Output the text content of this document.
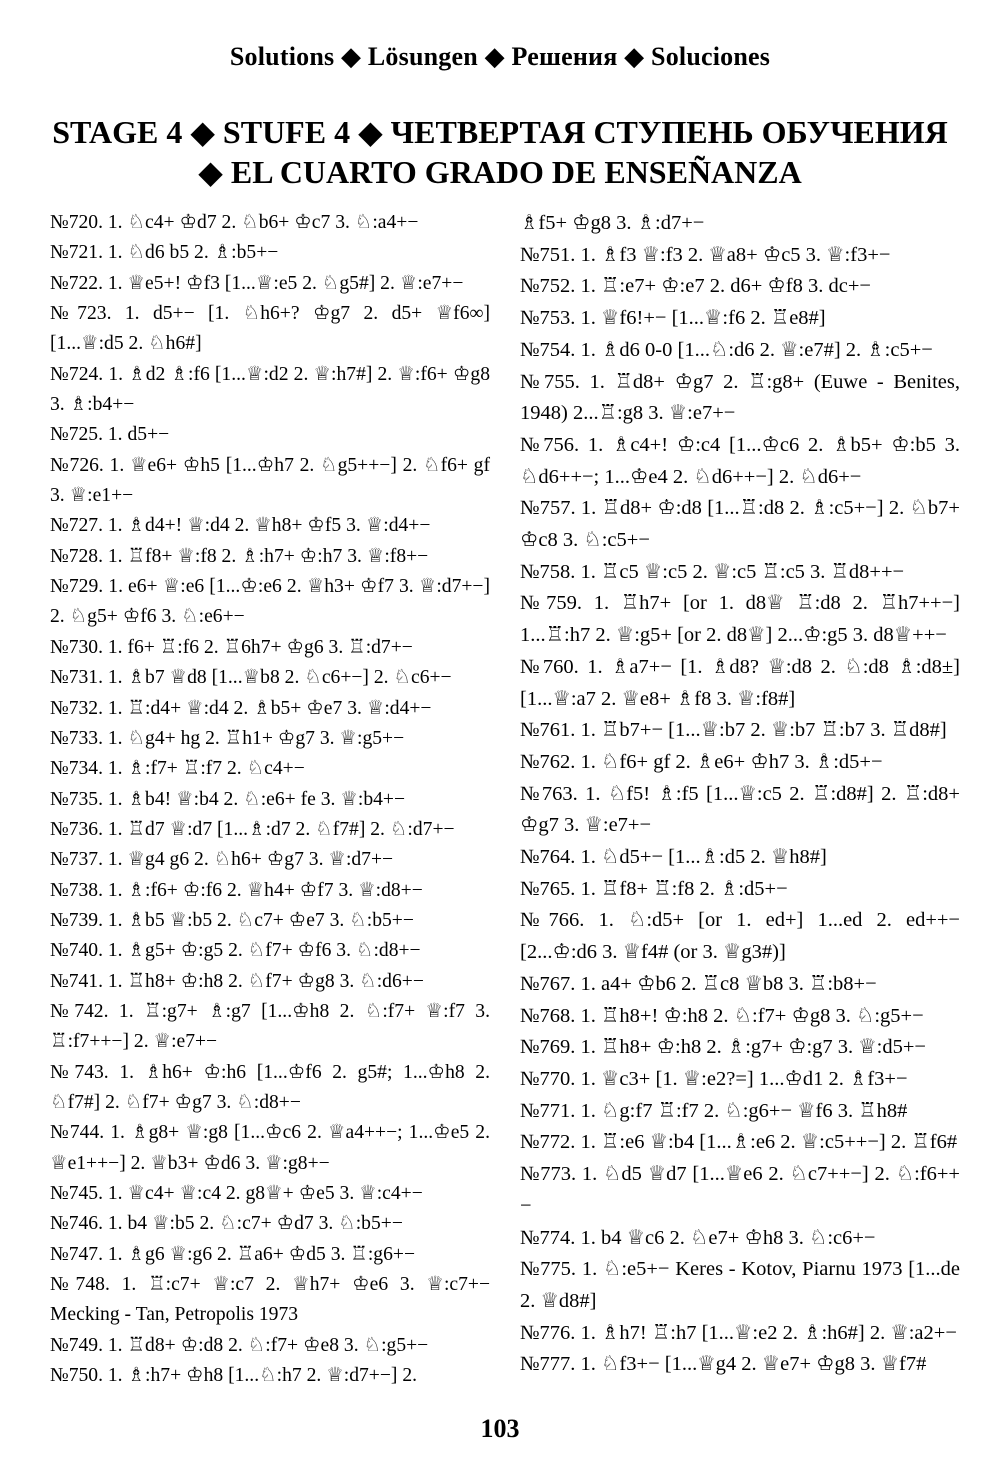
Solutions ◆ Lösungen ◆ Решения ◆ Soluciones
STAGE 4 ◆ STUFE 4 ◆ ЧЕТВЕРТАЯ СТУПЕНЬ ОБУЧЕНИЯ
◆ EL CUARTO GRADO DE ENSEÑANZA
№720. 1. ♘c4+ ♔d7 2. ♘b6+ ♔c7 3. ♘:a4+−
№721. 1. ♘d6 b5 2. ♗:b5+−
№722. 1. ♕e5+! ♔f3 [1...♕:e5 2. ♘g5#] 2. ♕:e7+−
№723. 1. d5+− [1. ♘h6+? ♔g7 2. d5+ ♕f6∞] [1...♕:d5 2. ♘h6#]
№724. 1. ♗d2 ♗:f6 [1...♕:d2 2. ♕:h7#] 2. ♕:f6+ ♔g8 3. ♗:b4+−
№725. 1. d5+−
№726. 1. ♕e6+ ♔h5 [1...♔h7 2. ♘g5++−] 2. ♘f6+ gf 3. ♕:e1+−
№727. 1. ♗d4+! ♕:d4 2. ♕h8+ ♔f5 3. ♕:d4+−
№728. 1. ♖f8+ ♕:f8 2. ♗:h7+ ♔:h7 3. ♕:f8+−
№729. 1. e6+ ♕:e6 [1...♔:e6 2. ♕h3+ ♔f7 3. ♕:d7+−] 2. ♘g5+ ♔f6 3. ♘:e6+−
№730. 1. f6+ ♖:f6 2. ♖6h7+ ♔g6 3. ♖:d7+−
№731. 1. ♗b7 ♕d8 [1...♕b8 2. ♘c6+−] 2. ♘c6+−
№732. 1. ♖:d4+ ♕:d4 2. ♗b5+ ♔e7 3. ♕:d4+−
№733. 1. ♘g4+ hg 2. ♖h1+ ♔g7 3. ♕:g5+−
№734. 1. ♗:f7+ ♖:f7 2. ♘c4+−
№735. 1. ♗b4! ♕:b4 2. ♘:e6+ fe 3. ♕:b4+−
№736. 1. ♖d7 ♕:d7 [1...♗:d7 2. ♘f7#] 2. ♘:d7+−
№737. 1. ♕g4 g6 2. ♘h6+ ♔g7 3. ♕:d7+−
№738. 1. ♗:f6+ ♔:f6 2. ♕h4+ ♔f7 3. ♕:d8+−
№739. 1. ♗b5 ♕:b5 2. ♘c7+ ♔e7 3. ♘:b5+−
№740. 1. ♗g5+ ♔:g5 2. ♘f7+ ♔f6 3. ♘:d8+−
№741. 1. ♖h8+ ♔:h8 2. ♘f7+ ♔g8 3. ♘:d6+−
№742. 1. ♖:g7+ ♗:g7 [1...♔h8 2. ♘:f7+ ♕:f7 3. ♖:f7++−] 2. ♕:e7+−
№743. 1. ♗h6+ ♔:h6 [1...♔f6 2. g5#; 1...♔h8 2. ♘f7#] 2. ♘f7+ ♔g7 3. ♘:d8+−
№744. 1. ♗g8+ ♕:g8 [1...♔c6 2. ♕a4++−; 1...♔e5 2. ♕e1++−] 2. ♕b3+ ♔d6 3. ♕:g8+−
№745. 1. ♕c4+ ♕:c4 2. g8♕+ ♔e5 3. ♕:c4+−
№746. 1. b4 ♕:b5 2. ♘:c7+ ♔d7 3. ♘:b5+−
№747. 1. ♗g6 ♕:g6 2. ♖a6+ ♔d5 3. ♖:g6+−
№748. 1. ♖:c7+ ♕:c7 2. ♕h7+ ♔e6 3. ♕:c7+− Mecking - Tan, Petropolis 1973
№749. 1. ♖d8+ ♔:d8 2. ♘:f7+ ♔e8 3. ♘:g5+−
№750. 1. ♗:h7+ ♔h8 [1...♘:h7 2. ♕:d7+−] 2.
♗f5+ ♔g8 3. ♗:d7+−
№751. 1. ♗f3 ♕:f3 2. ♕a8+ ♔c5 3. ♕:f3+−
№752. 1. ♖:e7+ ♔:e7 2. d6+ ♔f8 3. dc+−
№753. 1. ♕f6!+− [1...♕:f6 2. ♖e8#]
№754. 1. ♗d6 0-0 [1...♘:d6 2. ♕:e7#] 2. ♗:c5+−
№755. 1. ♖d8+ ♔g7 2. ♖:g8+ (Euwe - Benites, 1948) 2...♖:g8 3. ♕:e7+−
№756. 1. ♗c4+! ♔:c4 [1...♔c6 2. ♗b5+ ♔:b5 3. ♘d6++−; 1...♔e4 2. ♘d6++−] 2. ♘d6+−
№757. 1. ♖d8+ ♔:d8 [1...♖:d8 2. ♗:c5+−] 2. ♘b7+ ♔c8 3. ♘:c5+−
№758. 1. ♖c5 ♕:c5 2. ♕:c5 ♖:c5 3. ♖d8++−
№759. 1. ♖h7+ [or 1. d8♕ ♖:d8 2. ♖h7++−] 1...♖:h7 2. ♕:g5+ [or 2. d8♕] 2...♔:g5 3. d8♕++−
№760. 1. ♗a7+− [1. ♗d8? ♕:d8 2. ♘:d8 ♗:d8±] [1...♕:a7 2. ♕e8+ ♗f8 3. ♕:f8#]
№761. 1. ♖b7+− [1...♕:b7 2. ♕:b7 ♖:b7 3. ♖d8#]
№762. 1. ♘f6+ gf 2. ♗e6+ ♔h7 3. ♗:d5+−
№763. 1. ♘f5! ♗:f5 [1...♕:c5 2. ♖:d8#] 2. ♖:d8+ ♔g7 3. ♕:e7+−
№764. 1. ♘d5+− [1...♗:d5 2. ♕h8#]
№765. 1. ♖f8+ ♖:f8 2. ♗:d5+−
№766. 1. ♘:d5+ [or 1. ed+] 1...ed 2. ed++− [2...♔:d6 3. ♕f4# (or 3. ♕g3#)]
№767. 1. a4+ ♔b6 2. ♖c8 ♕b8 3. ♖:b8+−
№768. 1. ♖h8+! ♔:h8 2. ♘:f7+ ♔g8 3. ♘:g5+−
№769. 1. ♖h8+ ♔:h8 2. ♗:g7+ ♔:g7 3. ♕:d5+−
№770. 1. ♕c3+ [1. ♕:e2?=] 1...♔d1 2. ♗f3+−
№771. 1. ♘g:f7 ♖:f7 2. ♘:g6+− ♕f6 3. ♖h8#
№772. 1. ♖:e6 ♕:b4 [1...♗:e6 2. ♕:c5++−] 2. ♖f6#
№773. 1. ♘d5 ♕d7 [1...♕e6 2. ♘c7++−] 2. ♘:f6++−
№774. 1. b4 ♕c6 2. ♘e7+ ♔h8 3. ♘:c6+−
№775. 1. ♘:e5+− Keres - Kotov, Piarnu 1973 [1...de 2. ♕d8#]
№776. 1. ♗h7! ♖:h7 [1...♕:e2 2. ♗:h6#] 2. ♕:a2+−
№777. 1. ♘f3+− [1...♕g4 2. ♕e7+ ♔g8 3. ♕f7#
103
